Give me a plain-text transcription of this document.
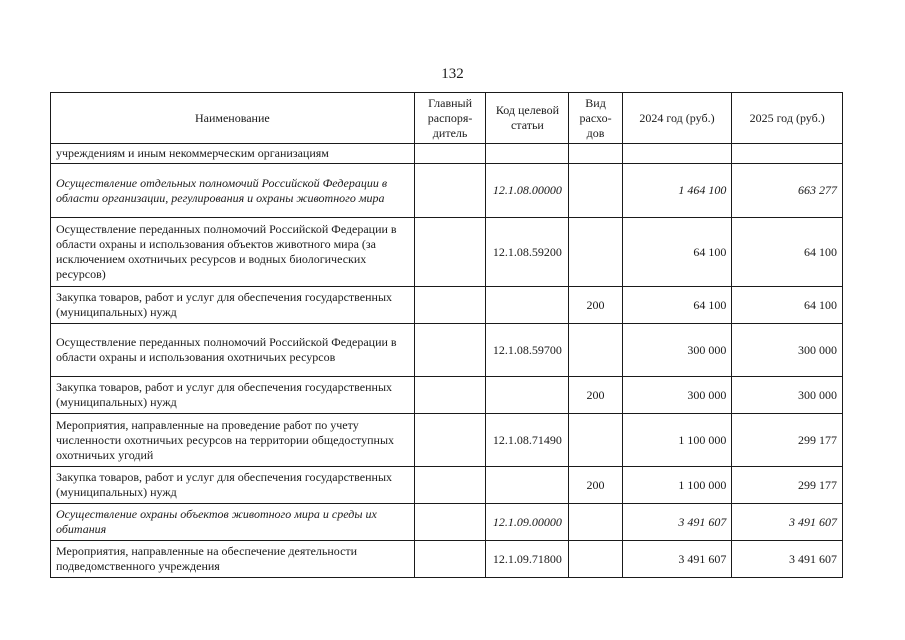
132
Наименование	Главный распоря-дитель	Код целевой статьи	Вид расхо-дов	2024 год (руб.)	2025 год (руб.)
учреждениям и иным некоммерческим организациям					
Осуществление отдельных полномочий Российской Федерации в области организации, регулирования и охраны животного мира		12.1.08.00000		1 464 100	663 277
Осуществление переданных полномочий Российской Федерации в области охраны и использования объектов животного мира (за исключением охотничьих ресурсов и водных биологических ресурсов)		12.1.08.59200		64 100	64 100
Закупка товаров, работ и услуг для обеспечения государственных (муниципальных) нужд			200	64 100	64 100
Осуществление переданных полномочий Российской Федерации в области охраны и использования охотничьих ресурсов		12.1.08.59700		300 000	300 000
Закупка товаров, работ и услуг для обеспечения государственных (муниципальных) нужд			200	300 000	300 000
Мероприятия, направленные на проведение работ по учету численности охотничьих ресурсов на территории общедоступных охотничьих угодий		12.1.08.71490		1 100 000	299 177
Закупка товаров, работ и услуг для обеспечения государственных (муниципальных) нужд			200	1 100 000	299 177
Осуществление охраны объектов животного мира и среды их обитания		12.1.09.00000		3 491 607	3 491 607
Мероприятия, направленные на обеспечение деятельности подведомственного учреждения		12.1.09.71800		3 491 607	3 491 607
